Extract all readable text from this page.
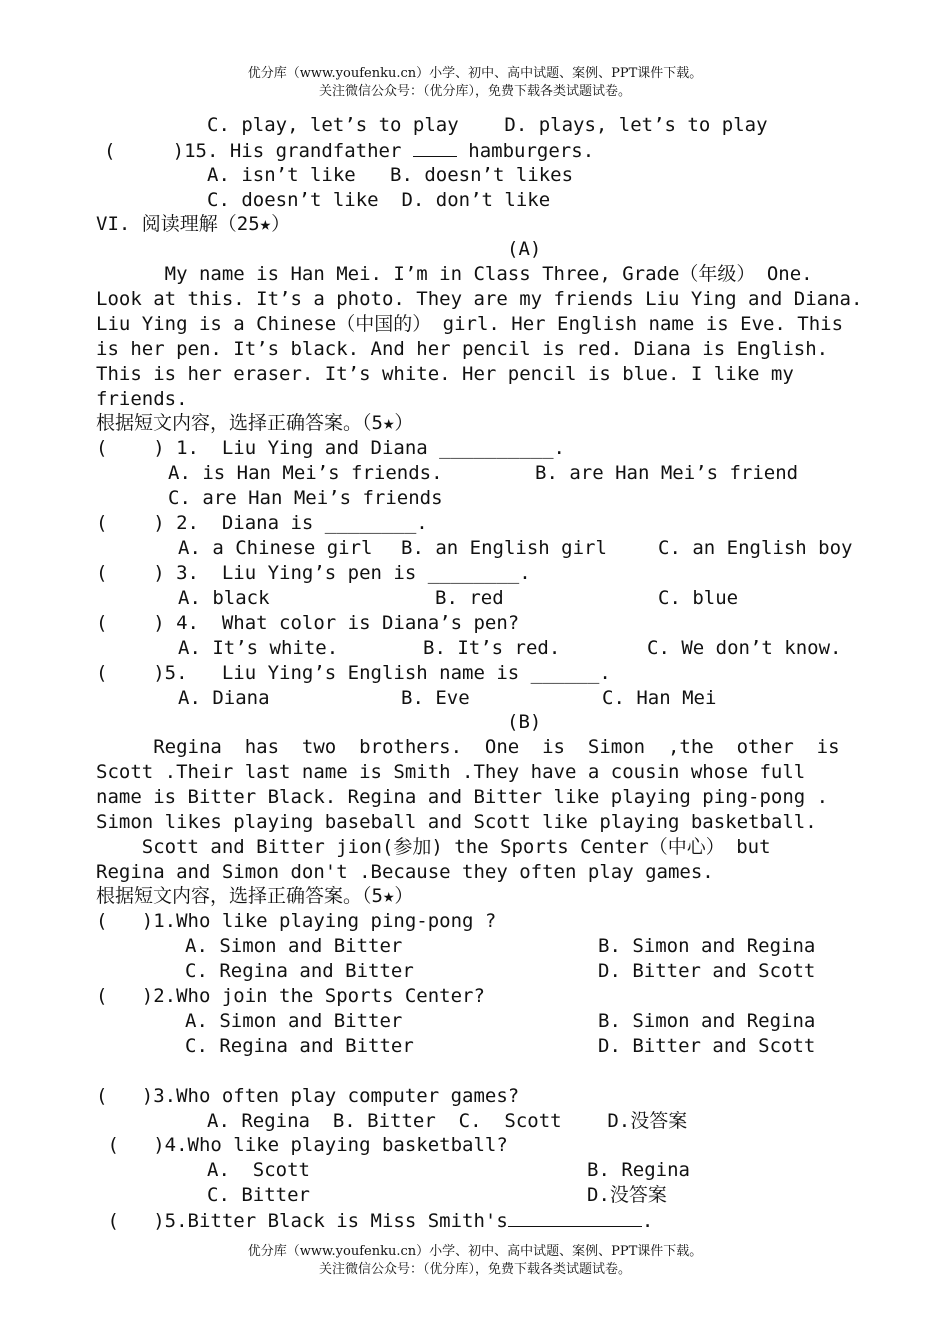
优分库（www.youfenku.cn）小学、初中、高中试题、案例、PPT课件下载。
关注微信公众号：（优分库），免费下载各类试题试卷。
C. play, let’s to play    D. plays, let’s to play
(     )15. His grandfather  hamburgers.
A. isn’t like   B. doesn’t likes
C. doesn’t like  D. don’t like
VI. 阅读理解（25★）
(A)
My name is Han Mei. I’m in Class Three, Grade（年级） One.
Look at this. It’s a photo. They are my friends Liu Ying and Diana.
Liu Ying is a Chinese（中国的） girl. Her English name is Eve. This
is her pen. It’s black. And her pencil is red. Diana is English.
This is her eraser. It’s white. Her pencil is blue. I like my
friends.
根据短文内容，选择正确答案。（5★）
(    ) 1.  Liu Ying and Diana __________.
A. is Han Mei’s friends.	B. are Han Mei’s friend
C. are Han Mei’s friends
(    ) 2.  Diana is ________.
A. a Chinese girl B. an English girl	C. an English boy
(    ) 3.  Liu Ying’s pen is ________.
A. black	B. red	C. blue
(    ) 4.  What color is Diana’s pen?
A. It’s white.	B. It’s red.	C. We don’t know.
(    )5.   Liu Ying’s English name is ______.
A. Diana	B. Eve	C. Han Mei
(B)
Regina  has  two  brothers.  One  is  Simon  ,the  other  is
Scott .Their last name is Smith .They have a cousin whose full
name is Bitter Black. Regina and Bitter like playing ping-pong .
Simon likes playing baseball and Scott like playing basketball.
Scott and Bitter jion(参加) the Sports Center（中心） but
Regina and Simon don't .Because they often play games.
根据短文内容，选择正确答案。（5★）
(   )1.Who like playing ping-pong ?
A. Simon and Bitter	B. Simon and Regina
C. Regina and Bitter	D. Bitter and Scott
(   )2.Who join the Sports Center?
A. Simon and Bitter	B. Simon and Regina
C. Regina and Bitter	D. Bitter and Scott
(   )3.Who often play computer games?
A. Regina  B. Bitter  C.  Scott    D.没答案
(   )4.Who like playing basketball?
A.  Scott	B. Regina
C. Bitter	D.没答案
(   )5.Bitter Black is Miss Smith's	.
优分库（www.youfenku.cn）小学、初中、高中试题、案例、PPT课件下载。
关注微信公众号：（优分库），免费下载各类试题试卷。
